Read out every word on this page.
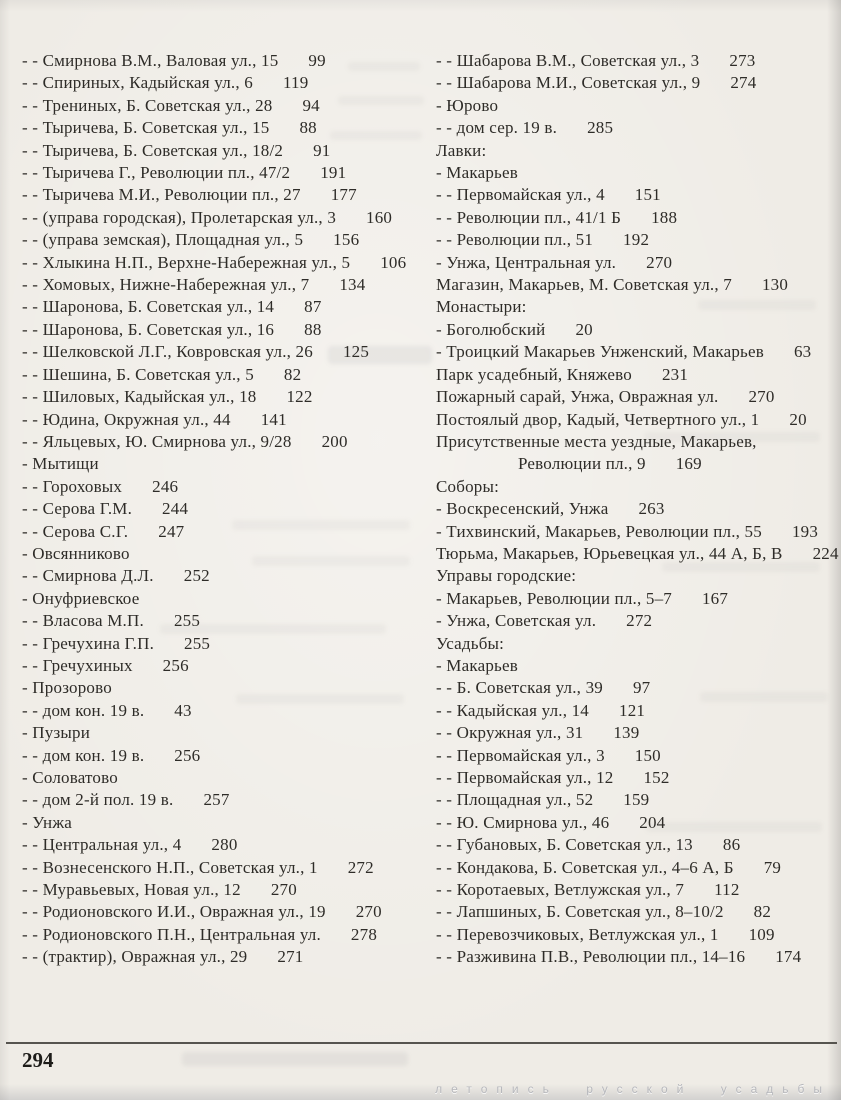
- - Смирнова В.М., Валовая ул., 15 99

- - Спириных, Кадыйская ул., 6 119

- - Трениных, Б. Советская ул., 28 94

- - Тыричева, Б. Советская ул., 15 88

- - Тыричева, Б. Советская ул., 18/2 91

- - Тыричева Г., Революции пл., 47/2 191

- - Тыричева М.И., Революции пл., 27 177

- - (управа городская), Пролетарская ул., 3 160

- - (управа земская), Площадная ул., 5 156

- - Хлыкина Н.П., Верхне-Набережная ул., 5 106

- - Хомовых, Нижне-Набережная ул., 7 134

- - Шаронова, Б. Советская ул., 14 87

- - Шаронова, Б. Советская ул., 16 88

- - Шелковской Л.Г., Ковровская ул., 26 125

- - Шешина, Б. Советская ул., 5 82

- - Шиловых, Кадыйская ул., 18 122

- - Юдина, Окружная ул., 44 141

- - Яльцевых, Ю. Смирнова ул., 9/28 200

- Мытищи

- - Гороховых 246

- - Серова Г.М. 244

- - Серова С.Г. 247

- Овсянниково

- - Смирнова Д.Л. 252

- Онуфриевское

- - Власова М.П. 255

- - Гречухина Г.П. 255

- - Гречухиных 256

- Прозорово

- - дом кон. 19 в. 43

- Пузыри

- - дом кон. 19 в. 256

- Соловатово

- - дом 2-й пол. 19 в. 257

- Унжа

- - Центральная ул., 4 280

- - Вознесенского Н.П., Советская ул., 1 272

- - Муравьевых, Новая ул., 12 270

- - Родионовского И.И., Овражная ул., 19 270

- - Родионовского П.Н., Центральная ул. 278

- - (трактир), Овражная ул., 29 271

- - Шабарова В.М., Советская ул., 3 273

- - Шабарова М.И., Советская ул., 9 274

- Юрово

- - дом сер. 19 в. 285

Лавки:

- Макарьев

- - Первомайская ул., 4 151

- - Революции пл., 41/1 Б 188

- - Революции пл., 51 192

- Унжа, Центральная ул. 270

Магазин, Макарьев, М. Советская ул., 7 130

Монастыри:

- Боголюбский 20

- Троицкий Макарьев Унженский, Макарьев 63

Парк усадебный, Княжево 231

Пожарный сарай, Унжа, Овражная ул. 270

Постоялый двор, Кадый, Четвертного ул., 1 20

Присутственные места уездные, Макарьев, Революции пл., 9 169

Соборы:

- Воскресенский, Унжа 263

- Тихвинский, Макарьев, Революции пл., 55 193

Тюрьма, Макарьев, Юрьевецкая ул., 44 А, Б, В 224

Управы городские:

- Макарьев, Революции пл., 5–7 167

- Унжа, Советская ул. 272

Усадьбы:

- Макарьев

- - Б. Советская ул., 39 97

- - Кадыйская ул., 14 121

- - Окружная ул., 31 139

- - Первомайская ул., 3 150

- - Первомайская ул., 12 152

- - Площадная ул., 52 159

- - Ю. Смирнова ул., 46 204

- - Губановых, Б. Советская ул., 13 86

- - Кондакова, Б. Советская ул., 4–6 А, Б 79

- - Коротаевых, Ветлужская ул., 7 112

- - Лапшиных, Б. Советская ул., 8–10/2 82

- - Перевозчиковых, Ветлужская ул., 1 109

- - Разживина П.В., Революции пл., 14–16 174

294
летопись русской усадьбы
